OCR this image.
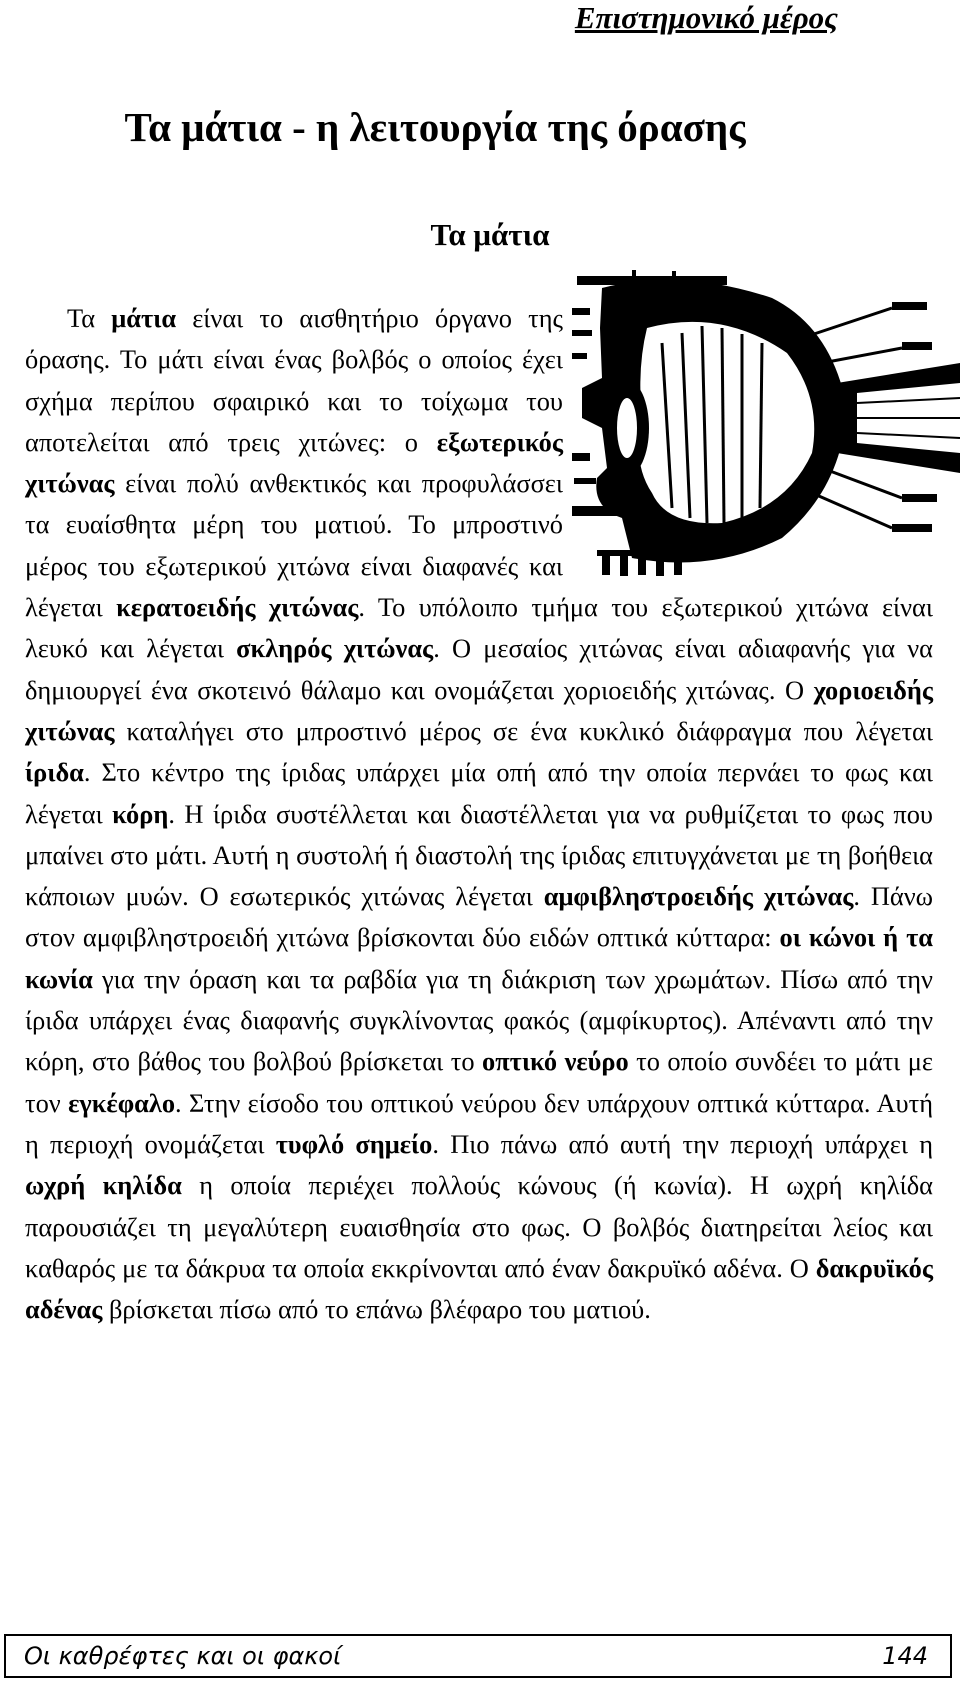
Επιστημονικό μέρος
Τα μάτια - η λειτουργία της όρασης
Τα μάτια
Τα μάτια είναι το αισθητήριο όργανο της όρασης. Το μάτι είναι ένας βολβός ο οποίος έχει σχήμα περίπου σφαιρικό και το τοίχωμα του αποτελείται από τρεις χιτώνες: ο εξωτερικός χιτώνας είναι πολύ ανθεκτικός και προφυλάσσει τα ευαίσθητα μέρη του ματιού. Το μπροστινό μέρος του εξωτερικού χιτώνα είναι διαφανές και λέγεται κερατοειδής χιτώνας. Το υπόλοιπο τμήμα του εξωτερικού χιτώνα είναι λευκό και λέγεται σκληρός χιτώνας. Ο μεσαίος χιτώνας είναι αδιαφανής για να δημιουργεί ένα σκοτεινό θάλαμο και ονομάζεται χοριοειδής χιτώνας. Ο χοριοειδής χιτώνας καταλήγει στο μπροστινό μέρος σε ένα κυκλικό διάφραγμα που λέγεται ίριδα. Στο κέντρο της ίριδας υπάρχει μία οπή από την οποία περνάει το φως και λέγεται κόρη. Η ίριδα συστέλλεται και διαστέλλεται για να ρυθμίζεται το φως που μπαίνει στο μάτι. Αυτή η συστολή ή διαστολή της ίριδας επιτυγχάνεται με τη βοήθεια κάποιων μυών. Ο εσωτερικός χιτώνας λέγεται αμφιβληστροειδής χιτώνας. Πάνω στον αμφιβληστροειδή χιτώνα βρίσκονται δύο ειδών οπτικά κύτταρα: οι κώνοι ή τα κωνία για την όραση και τα ραβδία για τη διάκριση των χρωμάτων. Πίσω από την ίριδα υπάρχει ένας διαφανής συγκλίνοντας φακός (αμφίκυρτος). Απέναντι από την κόρη, στο βάθος του βολβού βρίσκεται το οπτικό νεύρο το οποίο συνδέει το μάτι με τον εγκέφαλο. Στην είσοδο του οπτικού νεύρου δεν υπάρχουν οπτικά κύτταρα. Αυτή η περιοχή ονομάζεται τυφλό σημείο. Πιο πάνω από αυτή την περιοχή υπάρχει η ωχρή κηλίδα η οποία περιέχει πολλούς κώνους (ή κωνία). Η ωχρή κηλίδα παρουσιάζει τη μεγαλύτερη ευαισθησία στο φως. Ο βολβός διατηρείται λείος και καθαρός με τα δάκρυα τα οποία εκκρίνονται από έναν δακρυϊκό αδένα. Ο δακρυϊκός αδένας βρίσκεται πίσω από το επάνω βλέφαρο του ματιού.
Οι καθρέφτες και οι φακοί	144
